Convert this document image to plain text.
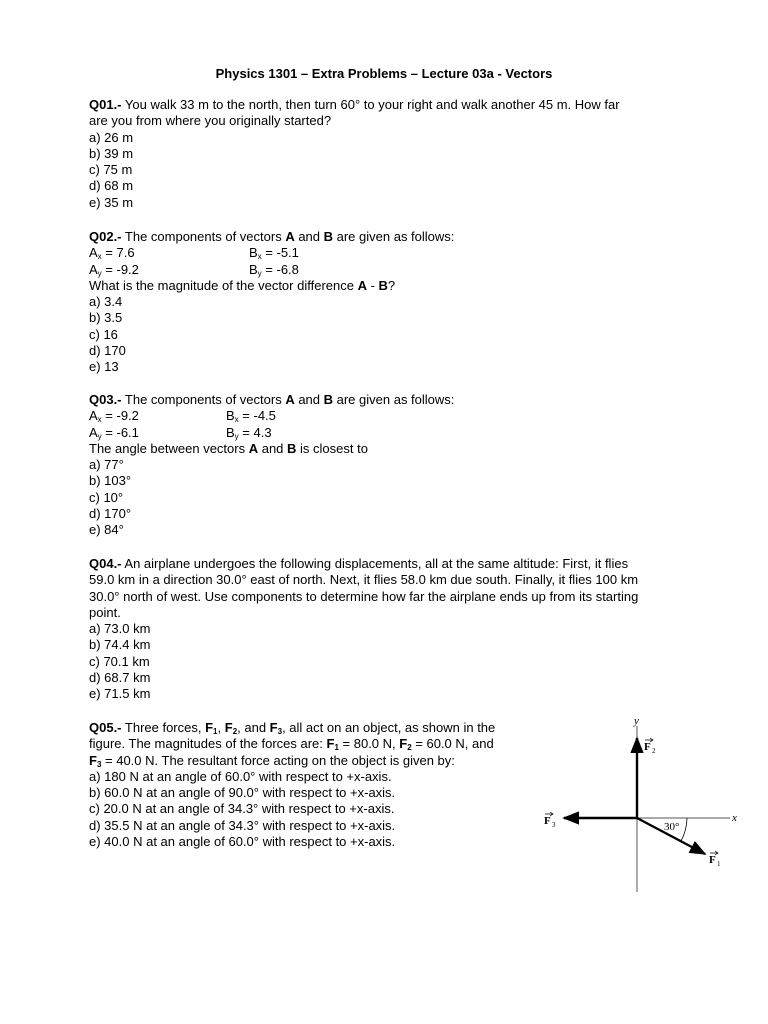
Physics 1301 – Extra Problems – Lecture 03a - Vectors
Q01.- You walk 33 m to the north, then turn 60° to your right and walk another 45 m. How far
are you from where you originally started?
a) 26 m
b) 39 m
c) 75 m
d) 68 m
e) 35 m
Q02.- The components of vectors A and B are given as follows:
$A_x = 7.6$	$B_x = -5.1$
$A_y = -9.2$	$B_y = -6.8$
What is the magnitude of the vector difference A - B?
a) 3.4
b) 3.5
c) 16
d) 170
e) 13
Q03.- The components of vectors A and B are given as follows:
$A_x = -9.2$	$B_x = -4.5$
$A_y = -6.1$	$B_y = 4.3$
The angle between vectors A and B is closest to
a) 77°
b) 103°
c) 10°
d) 170°
e) 84°
Q04.- An airplane undergoes the following displacements, all at the same altitude: First, it flies
59.0 km in a direction 30.0° east of north. Next, it flies 58.0 km due south. Finally, it flies 100 km
30.0° north of west. Use components to determine how far the airplane ends up from its starting
point.
a) 73.0 km
b) 74.4 km
c) 70.1 km
d) 68.7 km
e) 71.5 km
Q05.- Three forces, $F_1$, $F_2$, and $F_3$, all act on an object, as shown in the
figure. The magnitudes of the forces are: $F_1 = 80.0$ N, $F_2 = 60.0$ N, and
$F_3 = 40.0$ N. The resultant force acting on the object is given by:
a) 180 N at an angle of 60.0° with respect to +x-axis.
b) 60.0 N at an angle of 90.0° with respect to +x-axis.
c) 20.0 N at an angle of 34.3° with respect to +x-axis.
d) 35.5 N at an angle of 34.3° with respect to +x-axis.
e) 40.0 N at an angle of 60.0° with respect to +x-axis.
y
x
30°
F 2
F 3
F 1
